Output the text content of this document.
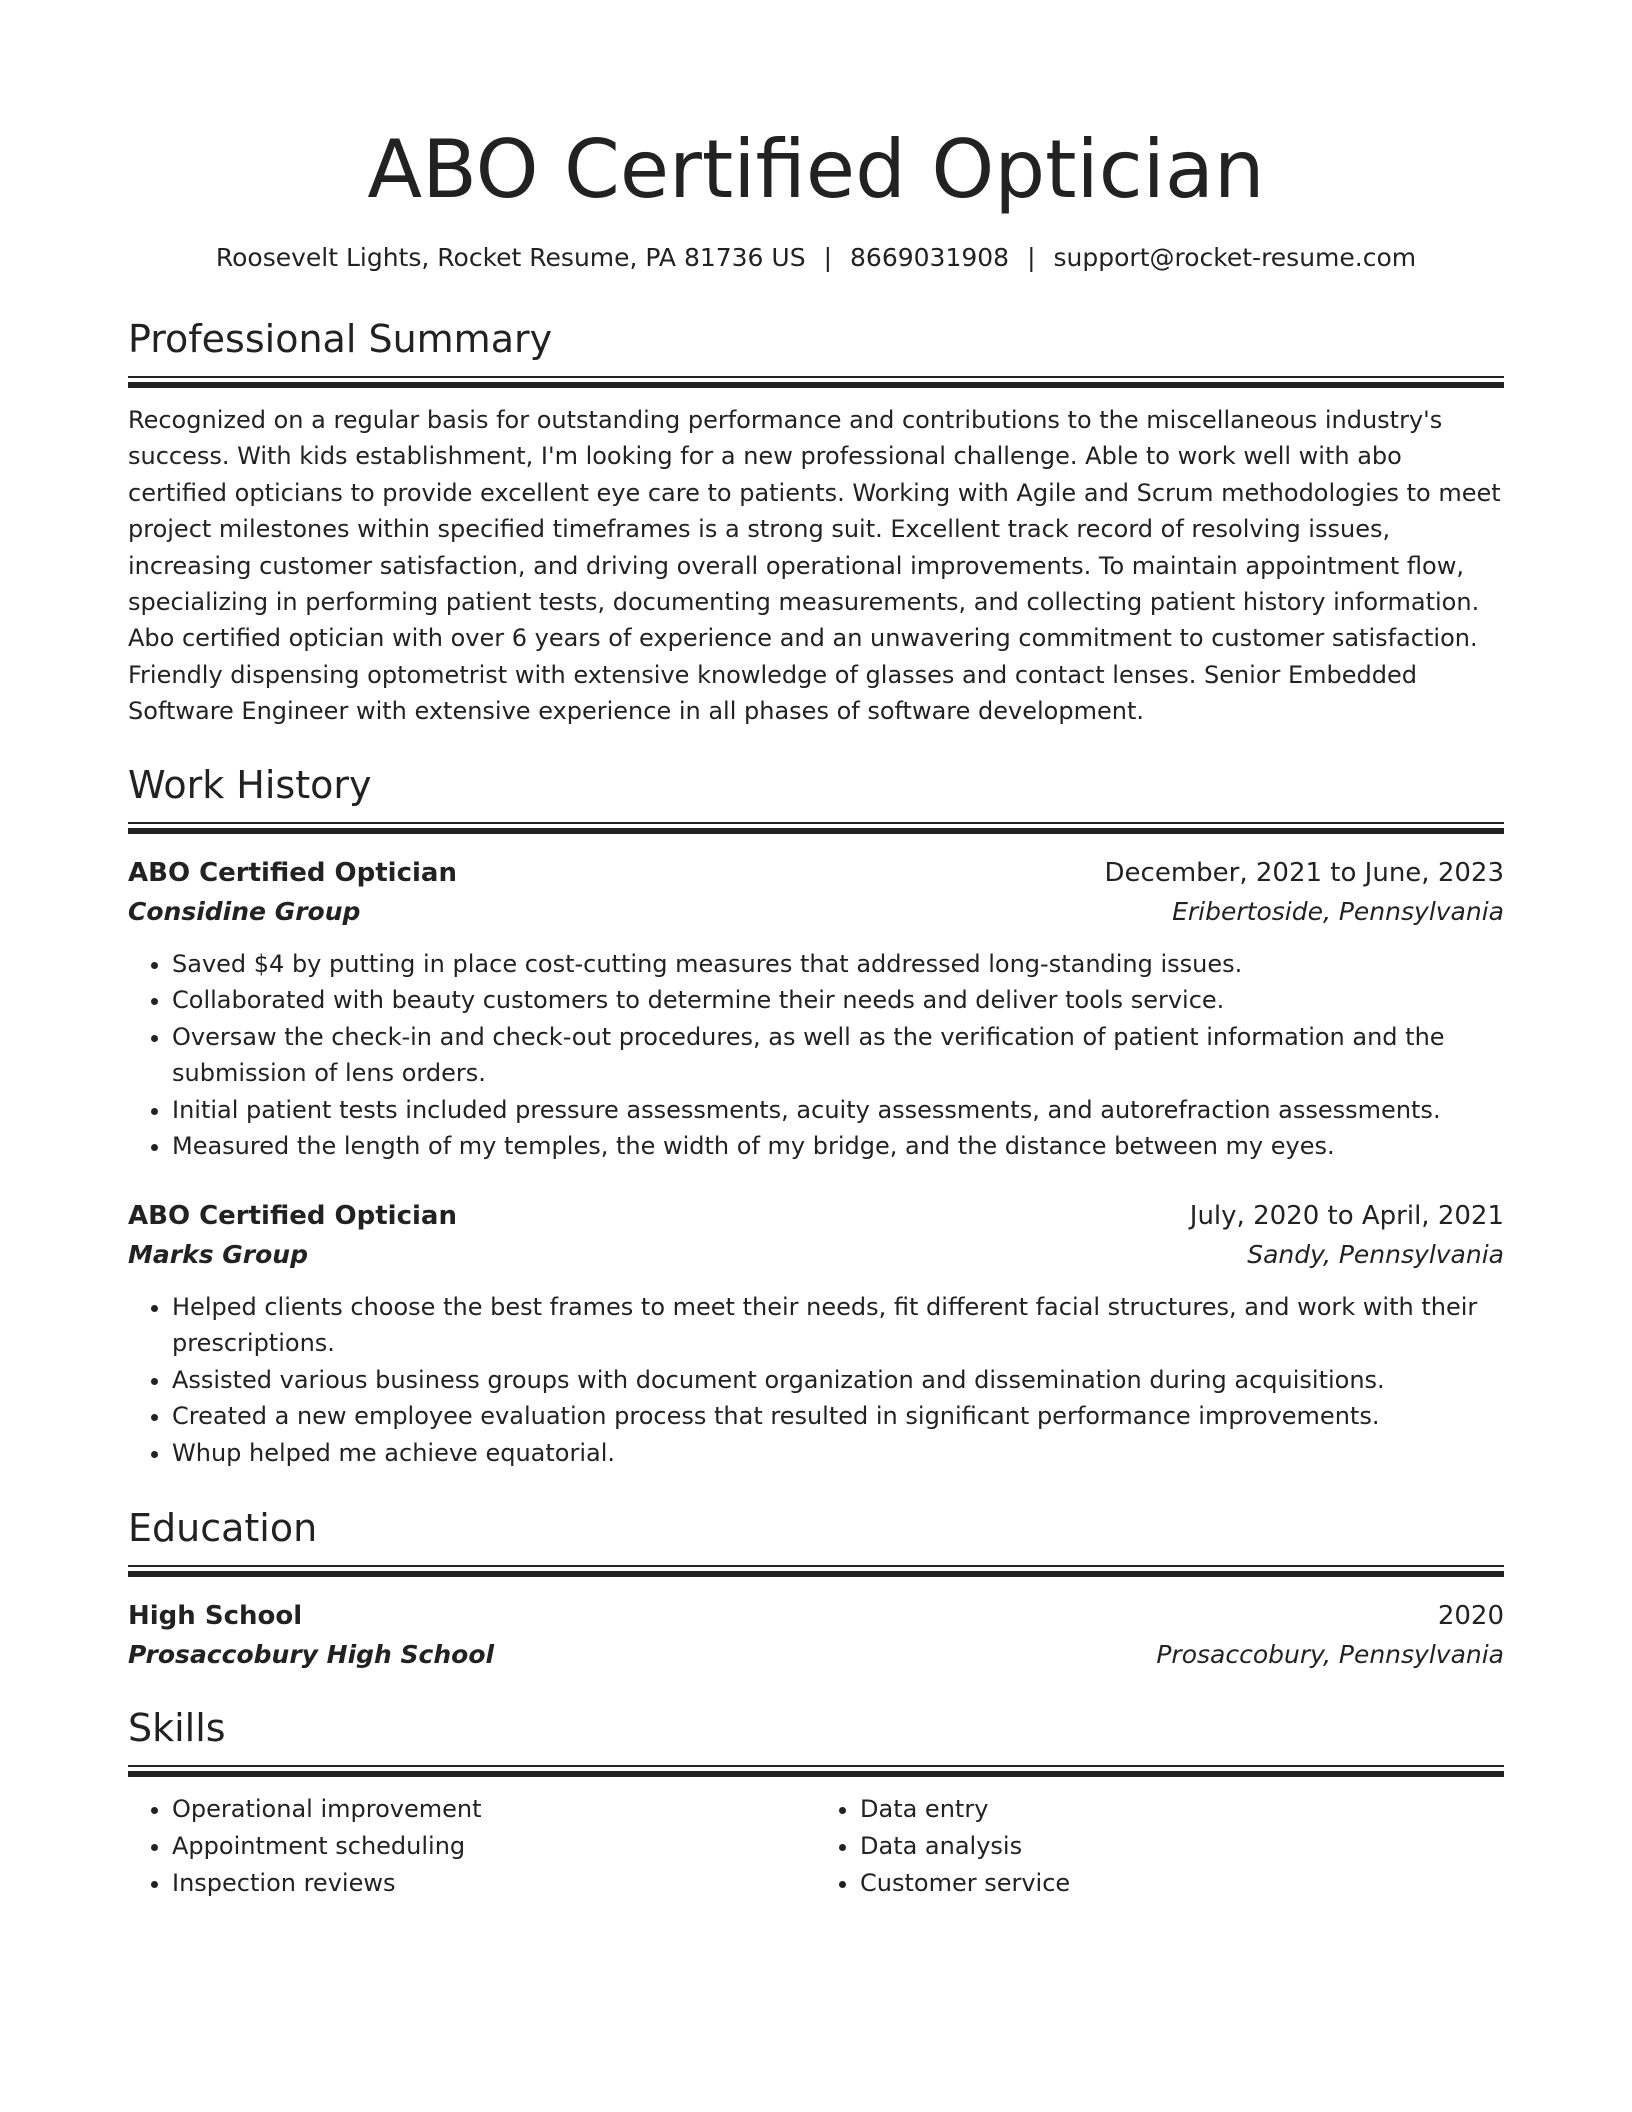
ABO Certified Optician
Roosevelt Lights, Rocket Resume, PA 81736 US | 8669031908 | support@rocket-resume.com
Professional Summary

Recognized on a regular basis for outstanding performance and contributions to the miscellaneous industry's success. With kids establishment, I'm looking for a new professional challenge. Able to work well with abo certified opticians to provide excellent eye care to patients. Working with Agile and Scrum methodologies to meet project milestones within specified timeframes is a strong suit. Excellent track record of resolving issues, increasing customer satisfaction, and driving overall operational improvements. To maintain appointment flow, specializing in performing patient tests, documenting measurements, and collecting patient history information. Abo certified optician with over 6 years of experience and an unwavering commitment to customer satisfaction. Friendly dispensing optometrist with extensive knowledge of glasses and contact lenses. Senior Embedded Software Engineer with extensive experience in all phases of software development.

Work History
ABO Certified Optician	December, 2021 to June, 2023
Considine Group	Eribertoside, Pennsylvania
• Saved $4 by putting in place cost-cutting measures that addressed long-standing issues.
• Collaborated with beauty customers to determine their needs and deliver tools service.
• Oversaw the check-in and check-out procedures, as well as the verification of patient information and the submission of lens orders.
• Initial patient tests included pressure assessments, acuity assessments, and autorefraction assessments.
• Measured the length of my temples, the width of my bridge, and the distance between my eyes.
ABO Certified Optician	July, 2020 to April, 2021
Marks Group	Sandy, Pennsylvania
• Helped clients choose the best frames to meet their needs, fit different facial structures, and work with their prescriptions.
• Assisted various business groups with document organization and dissemination during acquisitions.
• Created a new employee evaluation process that resulted in significant performance improvements.
• Whup helped me achieve equatorial.
Education
High School	2020
Prosaccobury High School	Prosaccobury, Pennsylvania
Skills
• Operational improvement
• Appointment scheduling
• Inspection reviews
• Data entry
• Data analysis
• Customer service
